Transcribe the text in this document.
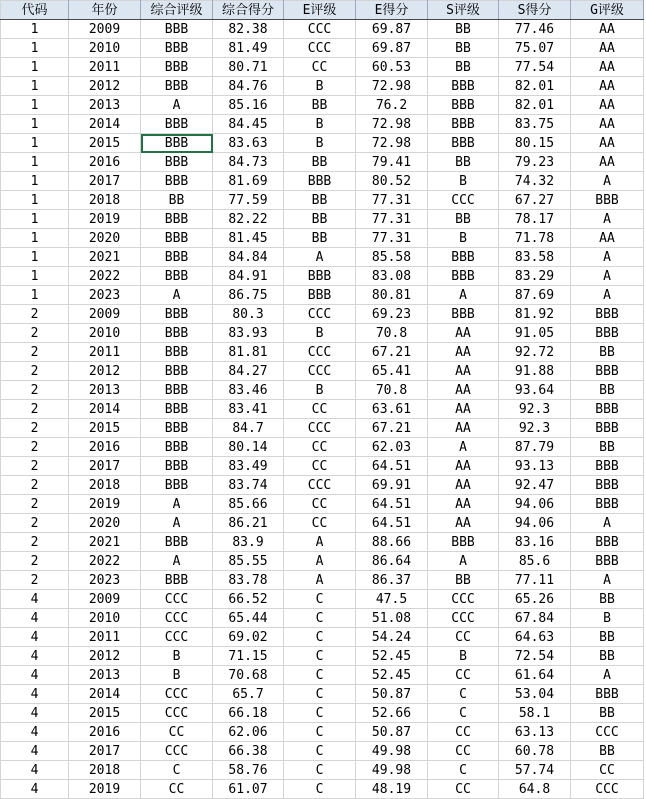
代码	年份	综合评级	综合得分	E评级	E得分	S评级	S得分	G评级
1	2009	BBB	82.38	CCC	69.87	BB	77.46	AA
1	2010	BBB	81.49	CCC	69.87	BB	75.07	AA
1	2011	BBB	80.71	CC	60.53	BB	77.54	AA
1	2012	BBB	84.76	B	72.98	BBB	82.01	AA
1	2013	A	85.16	BB	76.2	BBB	82.01	AA
1	2014	BBB	84.45	B	72.98	BBB	83.75	AA
1	2015	BBB	83.63	B	72.98	BBB	80.15	AA
1	2016	BBB	84.73	BB	79.41	BB	79.23	AA
1	2017	BBB	81.69	BBB	80.52	B	74.32	A
1	2018	BB	77.59	BB	77.31	CCC	67.27	BBB
1	2019	BBB	82.22	BB	77.31	BB	78.17	A
1	2020	BBB	81.45	BB	77.31	B	71.78	AA
1	2021	BBB	84.84	A	85.58	BBB	83.58	A
1	2022	BBB	84.91	BBB	83.08	BBB	83.29	A
1	2023	A	86.75	BBB	80.81	A	87.69	A
2	2009	BBB	80.3	CCC	69.23	BBB	81.92	BBB
2	2010	BBB	83.93	B	70.8	AA	91.05	BBB
2	2011	BBB	81.81	CCC	67.21	AA	92.72	BB
2	2012	BBB	84.27	CCC	65.41	AA	91.88	BBB
2	2013	BBB	83.46	B	70.8	AA	93.64	BB
2	2014	BBB	83.41	CC	63.61	AA	92.3	BBB
2	2015	BBB	84.7	CCC	67.21	AA	92.3	BBB
2	2016	BBB	80.14	CC	62.03	A	87.79	BB
2	2017	BBB	83.49	CC	64.51	AA	93.13	BBB
2	2018	BBB	83.74	CCC	69.91	AA	92.47	BBB
2	2019	A	85.66	CC	64.51	AA	94.06	BBB
2	2020	A	86.21	CC	64.51	AA	94.06	A
2	2021	BBB	83.9	A	88.66	BBB	83.16	BBB
2	2022	A	85.55	A	86.64	A	85.6	BBB
2	2023	BBB	83.78	A	86.37	BB	77.11	A
4	2009	CCC	66.52	C	47.5	CCC	65.26	BB
4	2010	CCC	65.44	C	51.08	CCC	67.84	B
4	2011	CCC	69.02	C	54.24	CC	64.63	BB
4	2012	B	71.15	C	52.45	B	72.54	BB
4	2013	B	70.68	C	52.45	CC	61.64	A
4	2014	CCC	65.7	C	50.87	C	53.04	BBB
4	2015	CCC	66.18	C	52.66	C	58.1	BB
4	2016	CC	62.06	C	50.87	CC	63.13	CCC
4	2017	CCC	66.38	C	49.98	CC	60.78	BB
4	2018	C	58.76	C	49.98	C	57.74	CC
4	2019	CC	61.07	C	48.19	CC	64.8	CCC
